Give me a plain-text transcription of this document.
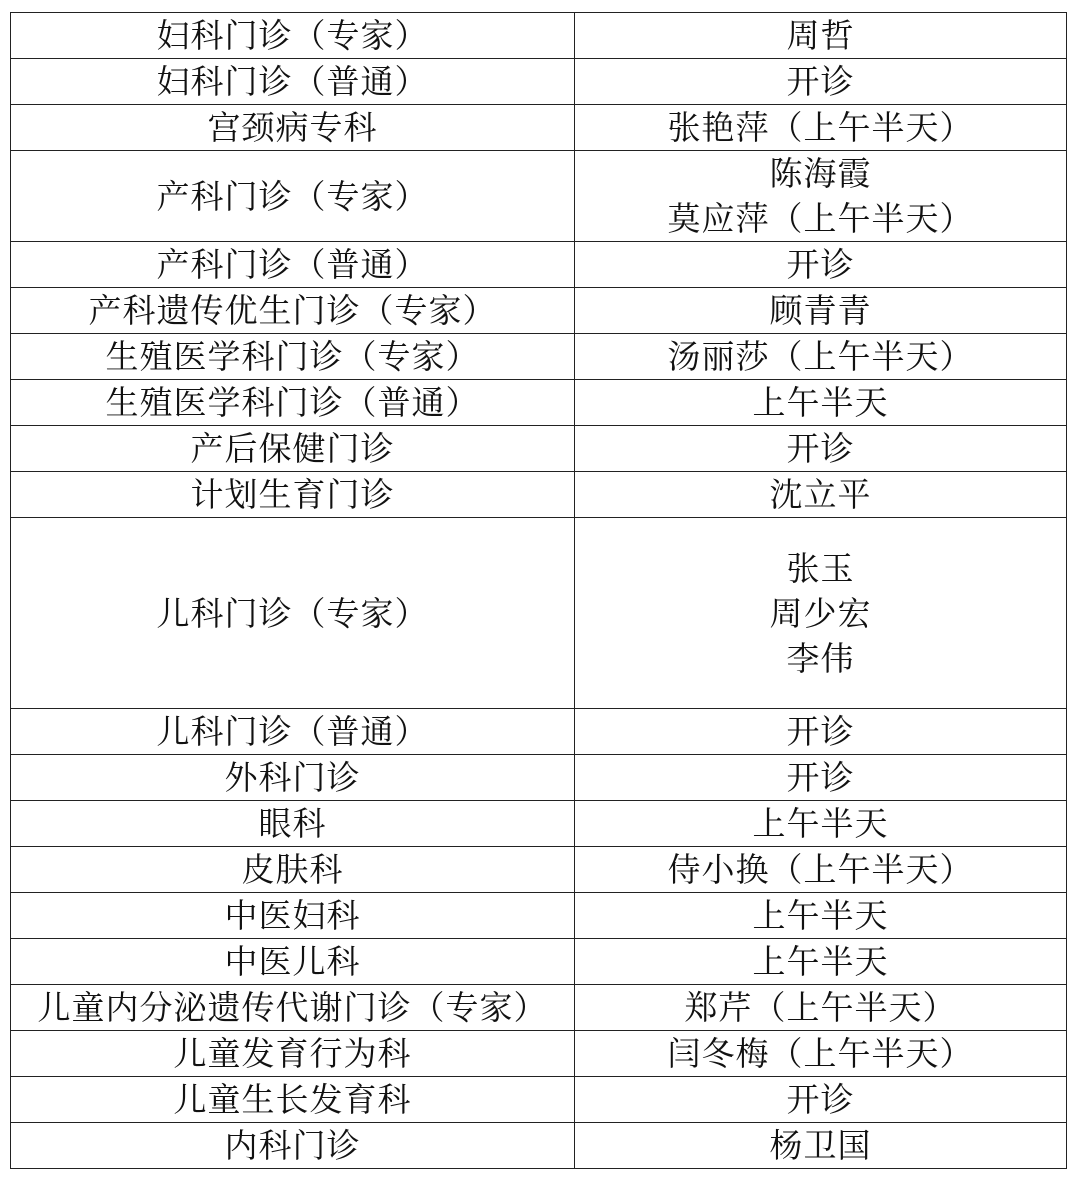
妇科门诊（专家）	周哲

妇科门诊（普通）	开诊

宫颈病专科	张艳萍（上午半天）

产科门诊（专家）	陈海霞
莫应萍（上午半天）

产科门诊（普通）	开诊

产科遗传优生门诊（专家）	顾青青

生殖医学科门诊（专家）	汤丽莎（上午半天）

生殖医学科门诊（普通）	上午半天

产后保健门诊	开诊

计划生育门诊	沈立平

儿科门诊（专家）	张玉
周少宏
李伟

儿科门诊（普通）	开诊

外科门诊	开诊

眼科	上午半天

皮肤科	侍小换（上午半天）

中医妇科	上午半天

中医儿科	上午半天

儿童内分泌遗传代谢门诊（专家）	郑芹（上午半天）

儿童发育行为科	闫冬梅（上午半天）

儿童生长发育科	开诊

内科门诊	杨卫国
